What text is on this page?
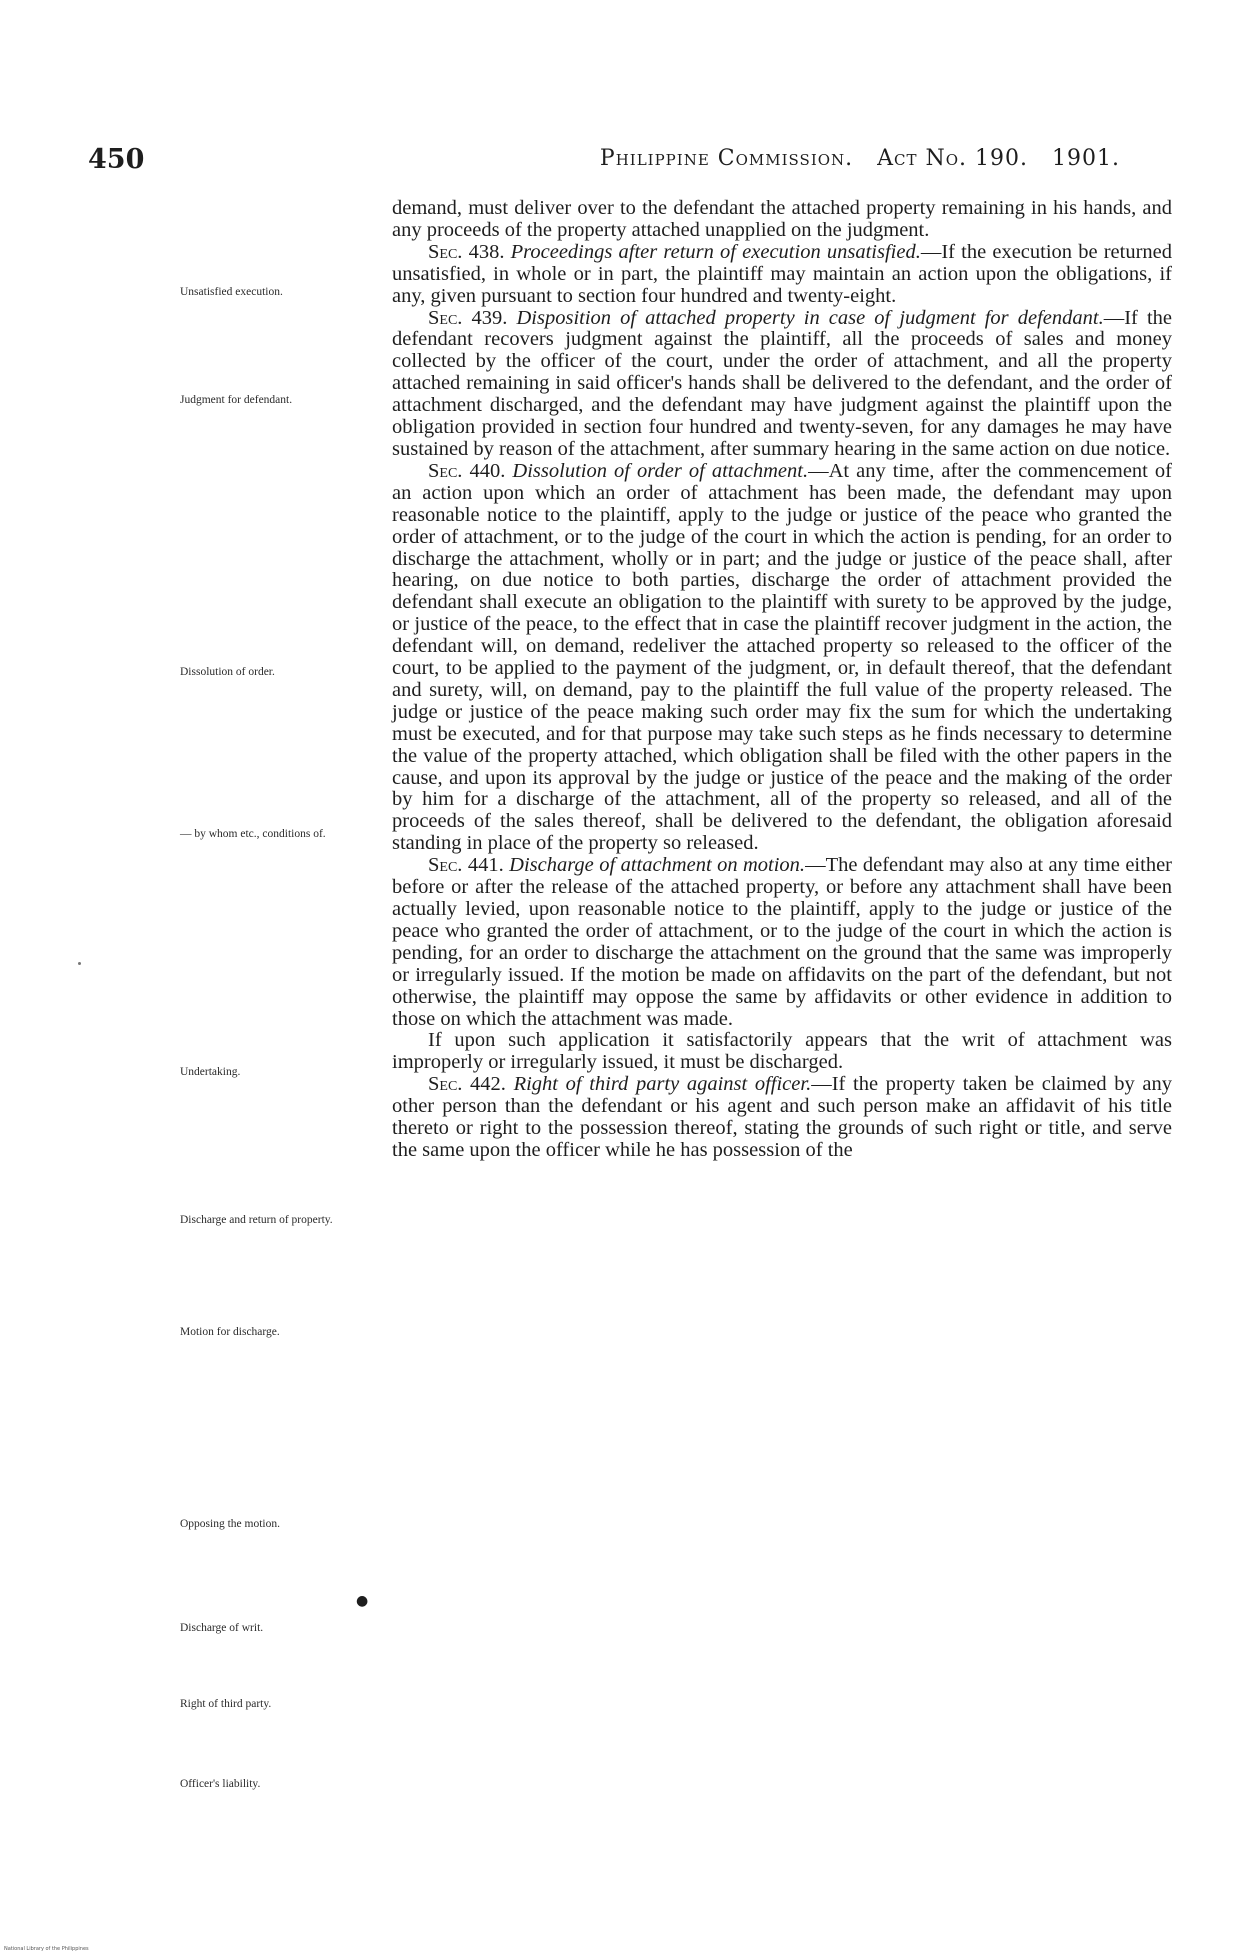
450	Philippine Commission.   Act No. 190.   1901.
Unsatisfied execution.
Judgment for defendant.
Dissolution of order.
— by whom etc., conditions of.
Undertaking.
Discharge and return of property.
Motion for discharge.
Opposing the motion.
Discharge of writ.
Right of third party.
Officer's liability.
●

demand, must deliver over to the defendant the attached property remaining in his hands, and any proceeds of the property attached unapplied on the judgment.

Sec. 438. Proceedings after return of execution unsatisfied.—If the execution be returned unsatisfied, in whole or in part, the plaintiff may maintain an action upon the obligations, if any, given pursuant to section four hundred and twenty-eight.

Sec. 439. Disposition of attached property in case of judgment for defendant.—If the defendant recovers judgment against the plaintiff, all the proceeds of sales and money collected by the officer of the court, under the order of attachment, and all the property attached remaining in said officer's hands shall be delivered to the defendant, and the order of attachment discharged, and the defendant may have judgment against the plaintiff upon the obligation provided in section four hundred and twenty-seven, for any damages he may have sustained by reason of the attachment, after summary hearing in the same action on due notice.

Sec. 440. Dissolution of order of attachment.—At any time, after the commencement of an action upon which an order of attachment has been made, the defendant may upon reasonable notice to the plaintiff, apply to the judge or justice of the peace who granted the order of attachment, or to the judge of the court in which the action is pending, for an order to discharge the attachment, wholly or in part; and the judge or justice of the peace shall, after hearing, on due notice to both parties, discharge the order of attachment provided the defendant shall execute an obligation to the plaintiff with surety to be approved by the judge, or justice of the peace, to the effect that in case the plaintiff recover judgment in the action, the defendant will, on demand, redeliver the attached property so released to the officer of the court, to be applied to the payment of the judgment, or, in default thereof, that the defendant and surety, will, on demand, pay to the plaintiff the full value of the property released. The judge or justice of the peace making such order may fix the sum for which the undertaking must be executed, and for that purpose may take such steps as he finds necessary to determine the value of the property attached, which obligation shall be filed with the other papers in the cause, and upon its approval by the judge or justice of the peace and the making of the order by him for a discharge of the attachment, all of the property so released, and all of the proceeds of the sales thereof, shall be delivered to the defendant, the obligation aforesaid standing in place of the property so released.

Sec. 441. Discharge of attachment on motion.—The defendant may also at any time either before or after the release of the attached property, or before any attachment shall have been actually levied, upon reasonable notice to the plaintiff, apply to the judge or justice of the peace who granted the order of attachment, or to the judge of the court in which the action is pending, for an order to discharge the attachment on the ground that the same was improperly or irregularly issued. If the motion be made on affidavits on the part of the defendant, but not otherwise, the plaintiff may oppose the same by affidavits or other evidence in addition to those on which the attachment was made.

If upon such application it satisfactorily appears that the writ of attachment was improperly or irregularly issued, it must be discharged.

Sec. 442. Right of third party against officer.—If the property taken be claimed by any other person than the defendant or his agent and such person make an affidavit of his title thereto or right to the possession thereof, stating the grounds of such right or title, and serve the same upon the officer while he has possession of the

National Library of the Philippines
